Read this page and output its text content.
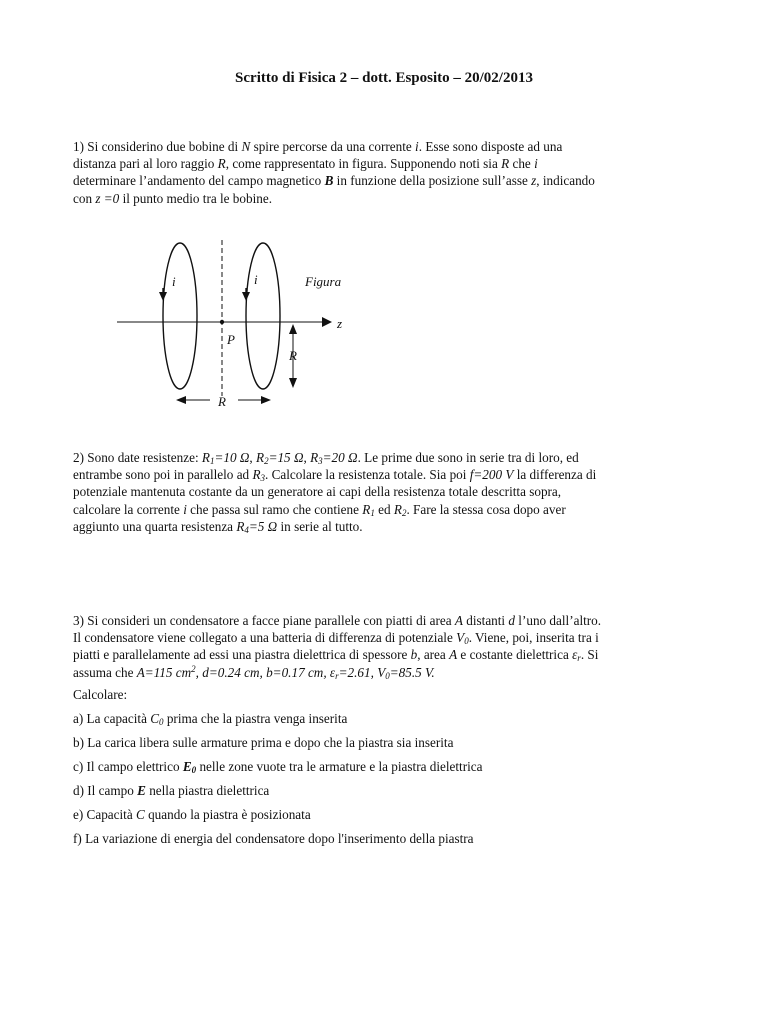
Scritto di Fisica 2 – dott. Esposito – 20/02/2013
1) Si considerino due bobine di N spire percorse da una corrente i. Esse sono disposte ad una
distanza pari al loro raggio R, come rappresentato in figura. Supponendo noti sia R che i
determinare l’andamento del campo magnetico B in funzione della posizione sull’asse z, indicando
con z =0 il punto medio tra le bobine.
i	i
z
P
Figura
R
R
2) Sono date resistenze: $R_1=10$ Ω, $R_2=15$ Ω, $R_3=20$ Ω. Le prime due sono in serie tra di loro, ed
entrambe sono poi in parallelo ad $R_3$. Calcolare la resistenza totale. Sia poi f=200 V la differenza di
potenziale mantenuta costante da un generatore ai capi della resistenza totale descritta sopra,
calcolare la corrente i che passa sul ramo che contiene $R_1$ ed $R_2$. Fare la stessa cosa dopo aver
aggiunto una quarta resistenza $R_4=5$ Ω in serie al tutto.
3) Si consideri un condensatore a facce piane parallele con piatti di area A distanti d l’uno dall’altro.
Il condensatore viene collegato a una batteria di differenza di potenziale $V_0$. Viene, poi, inserita tra i
piatti e parallelamente ad essi una piastra dielettrica di spessore b, area A e costante dielettrica $\varepsilon_r$. Si
assuma che A=115 $cm^2$, d=0.24 cm, b=0.17 cm, $\varepsilon_r=2.61$, $V_0=85.5$ V.
Calcolare:
a) La capacità $C_0$ prima che la piastra venga inserita
b) La carica libera sulle armature prima e dopo che la piastra sia inserita
c) Il campo elettrico $E_0$ nelle zone vuote tra le armature e la piastra dielettrica
d) Il campo E nella piastra dielettrica
e) Capacità C quando la piastra è posizionata
f) La variazione di energia del condensatore dopo l'inserimento della piastra
